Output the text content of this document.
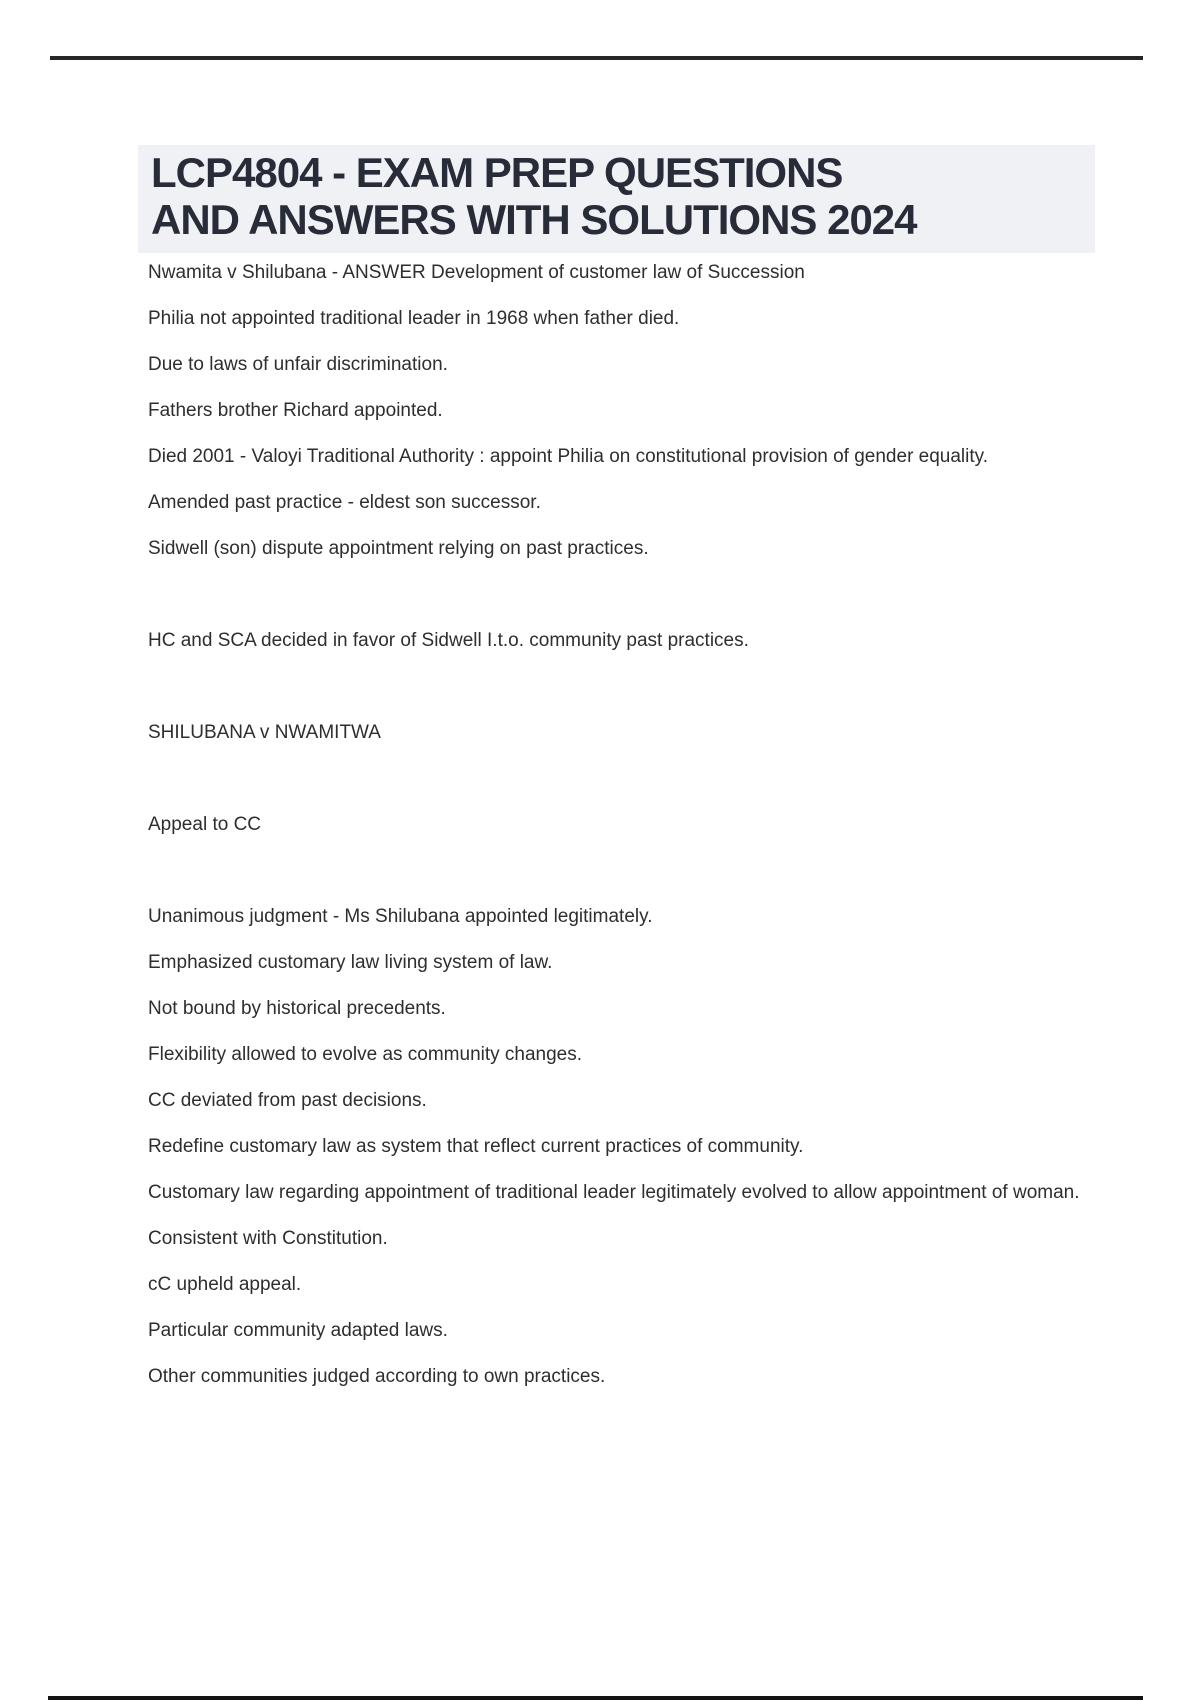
LCP4804 - EXAM PREP QUESTIONS
AND ANSWERS WITH SOLUTIONS 2024

Nwamita v Shilubana - ANSWER Development of customer law of Succession

Philia not appointed traditional leader in 1968 when father died.

Due to laws of unfair discrimination.

Fathers brother Richard appointed.

Died 2001 - Valoyi Traditional Authority : appoint Philia on constitutional provision of gender equality.

Amended past practice - eldest son successor.

Sidwell (son) dispute appointment relying on past practices.

HC and SCA decided in favor of Sidwell I.t.o. community past practices.

SHILUBANA v NWAMITWA

Appeal to CC

Unanimous judgment - Ms Shilubana appointed legitimately.

Emphasized customary law living system of law.

Not bound by historical precedents.

Flexibility allowed to evolve as community changes.

CC deviated from past decisions.

Redefine customary law as system that reflect current practices of community.

Customary law regarding appointment of traditional leader legitimately evolved to allow appointment of woman.

Consistent with Constitution.

cC upheld appeal.

Particular community adapted laws.

Other communities judged according to own practices.
